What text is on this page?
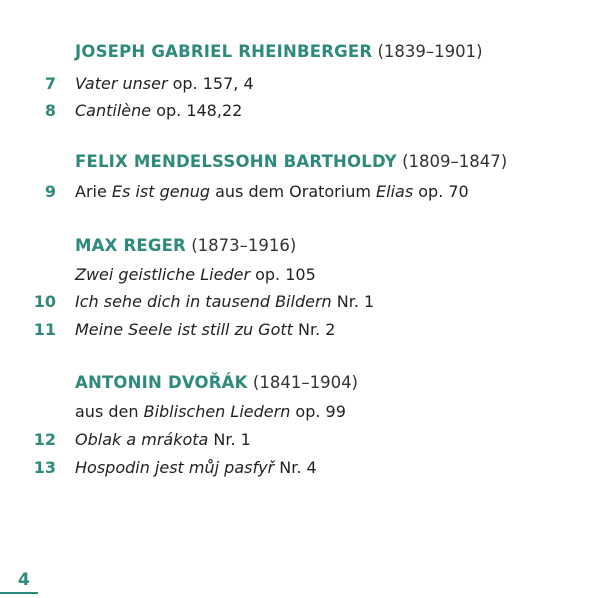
JOSEPH GABRIEL RHEINBERGER (1839–1901)
7 Vater unser op. 157, 4
8 Cantilène op. 148,22
FELIX MENDELSSOHN BARTHOLDY (1809–1847)
9 Arie Es ist genug aus dem Oratorium Elias op. 70
MAX REGER (1873–1916)
Zwei geistliche Lieder op. 105
10 Ich sehe dich in tausend Bildern Nr. 1
11 Meine Seele ist still zu Gott Nr. 2
ANTONIN DVOŘÁK (1841–1904)
aus den Biblischen Liedern op. 99
12 Oblak a mrákota Nr. 1
13 Hospodin jest můj pasfyř Nr. 4
4
